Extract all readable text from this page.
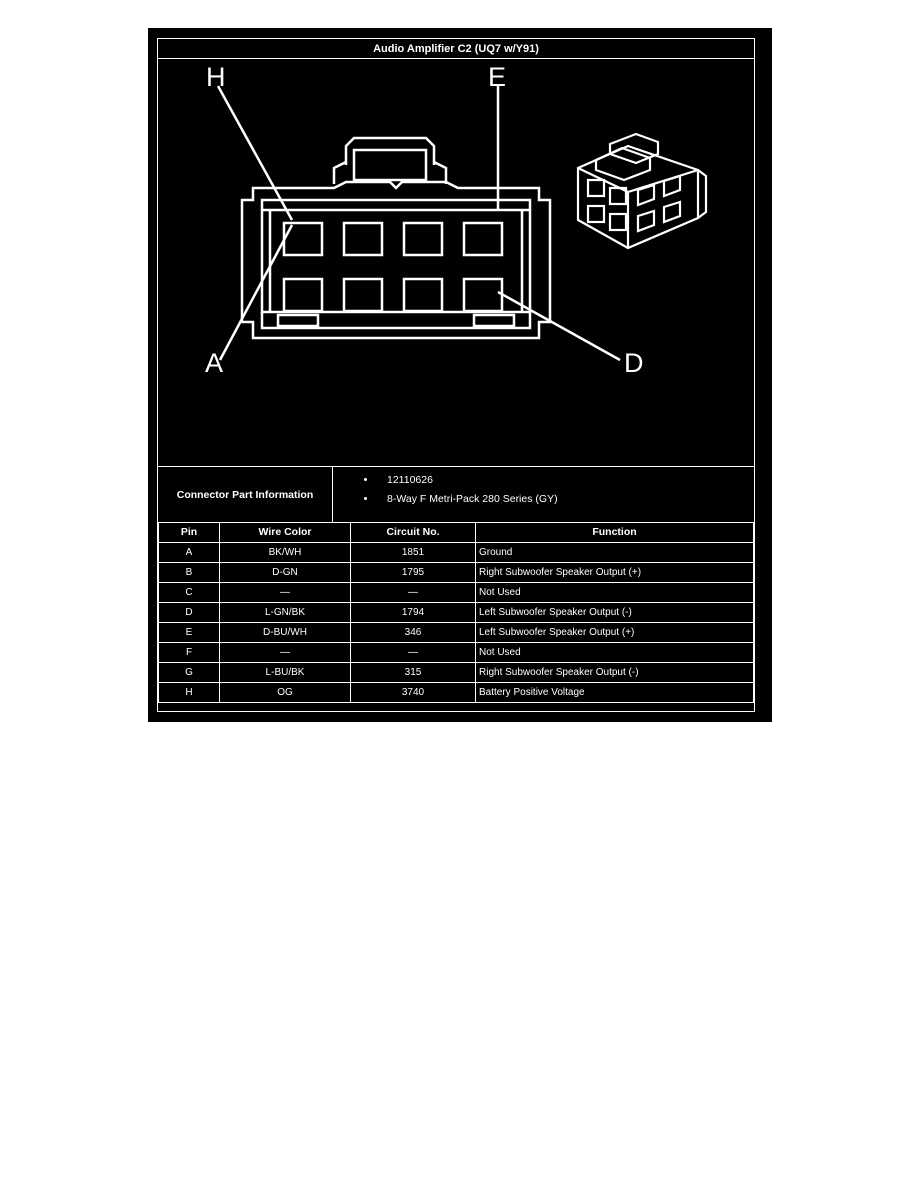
Audio Amplifier C2 (UQ7 w/Y91)
H	E
A	D
Connector Part Information
• 12110626
• 8-Way F Metri-Pack 280 Series (GY)
Pin	Wire Color	Circuit No.	Function
A	BK/WH	1851	Ground
B	D-GN	1795	Right Subwoofer Speaker Output (+)
C	—	—	Not Used
D	L-GN/BK	1794	Left Subwoofer Speaker Output (-)
E	D-BU/WH	346	Left Subwoofer Speaker Output (+)
F	—	—	Not Used
G	L-BU/BK	315	Right Subwoofer Speaker Output (-)
H	OG	3740	Battery Positive Voltage
